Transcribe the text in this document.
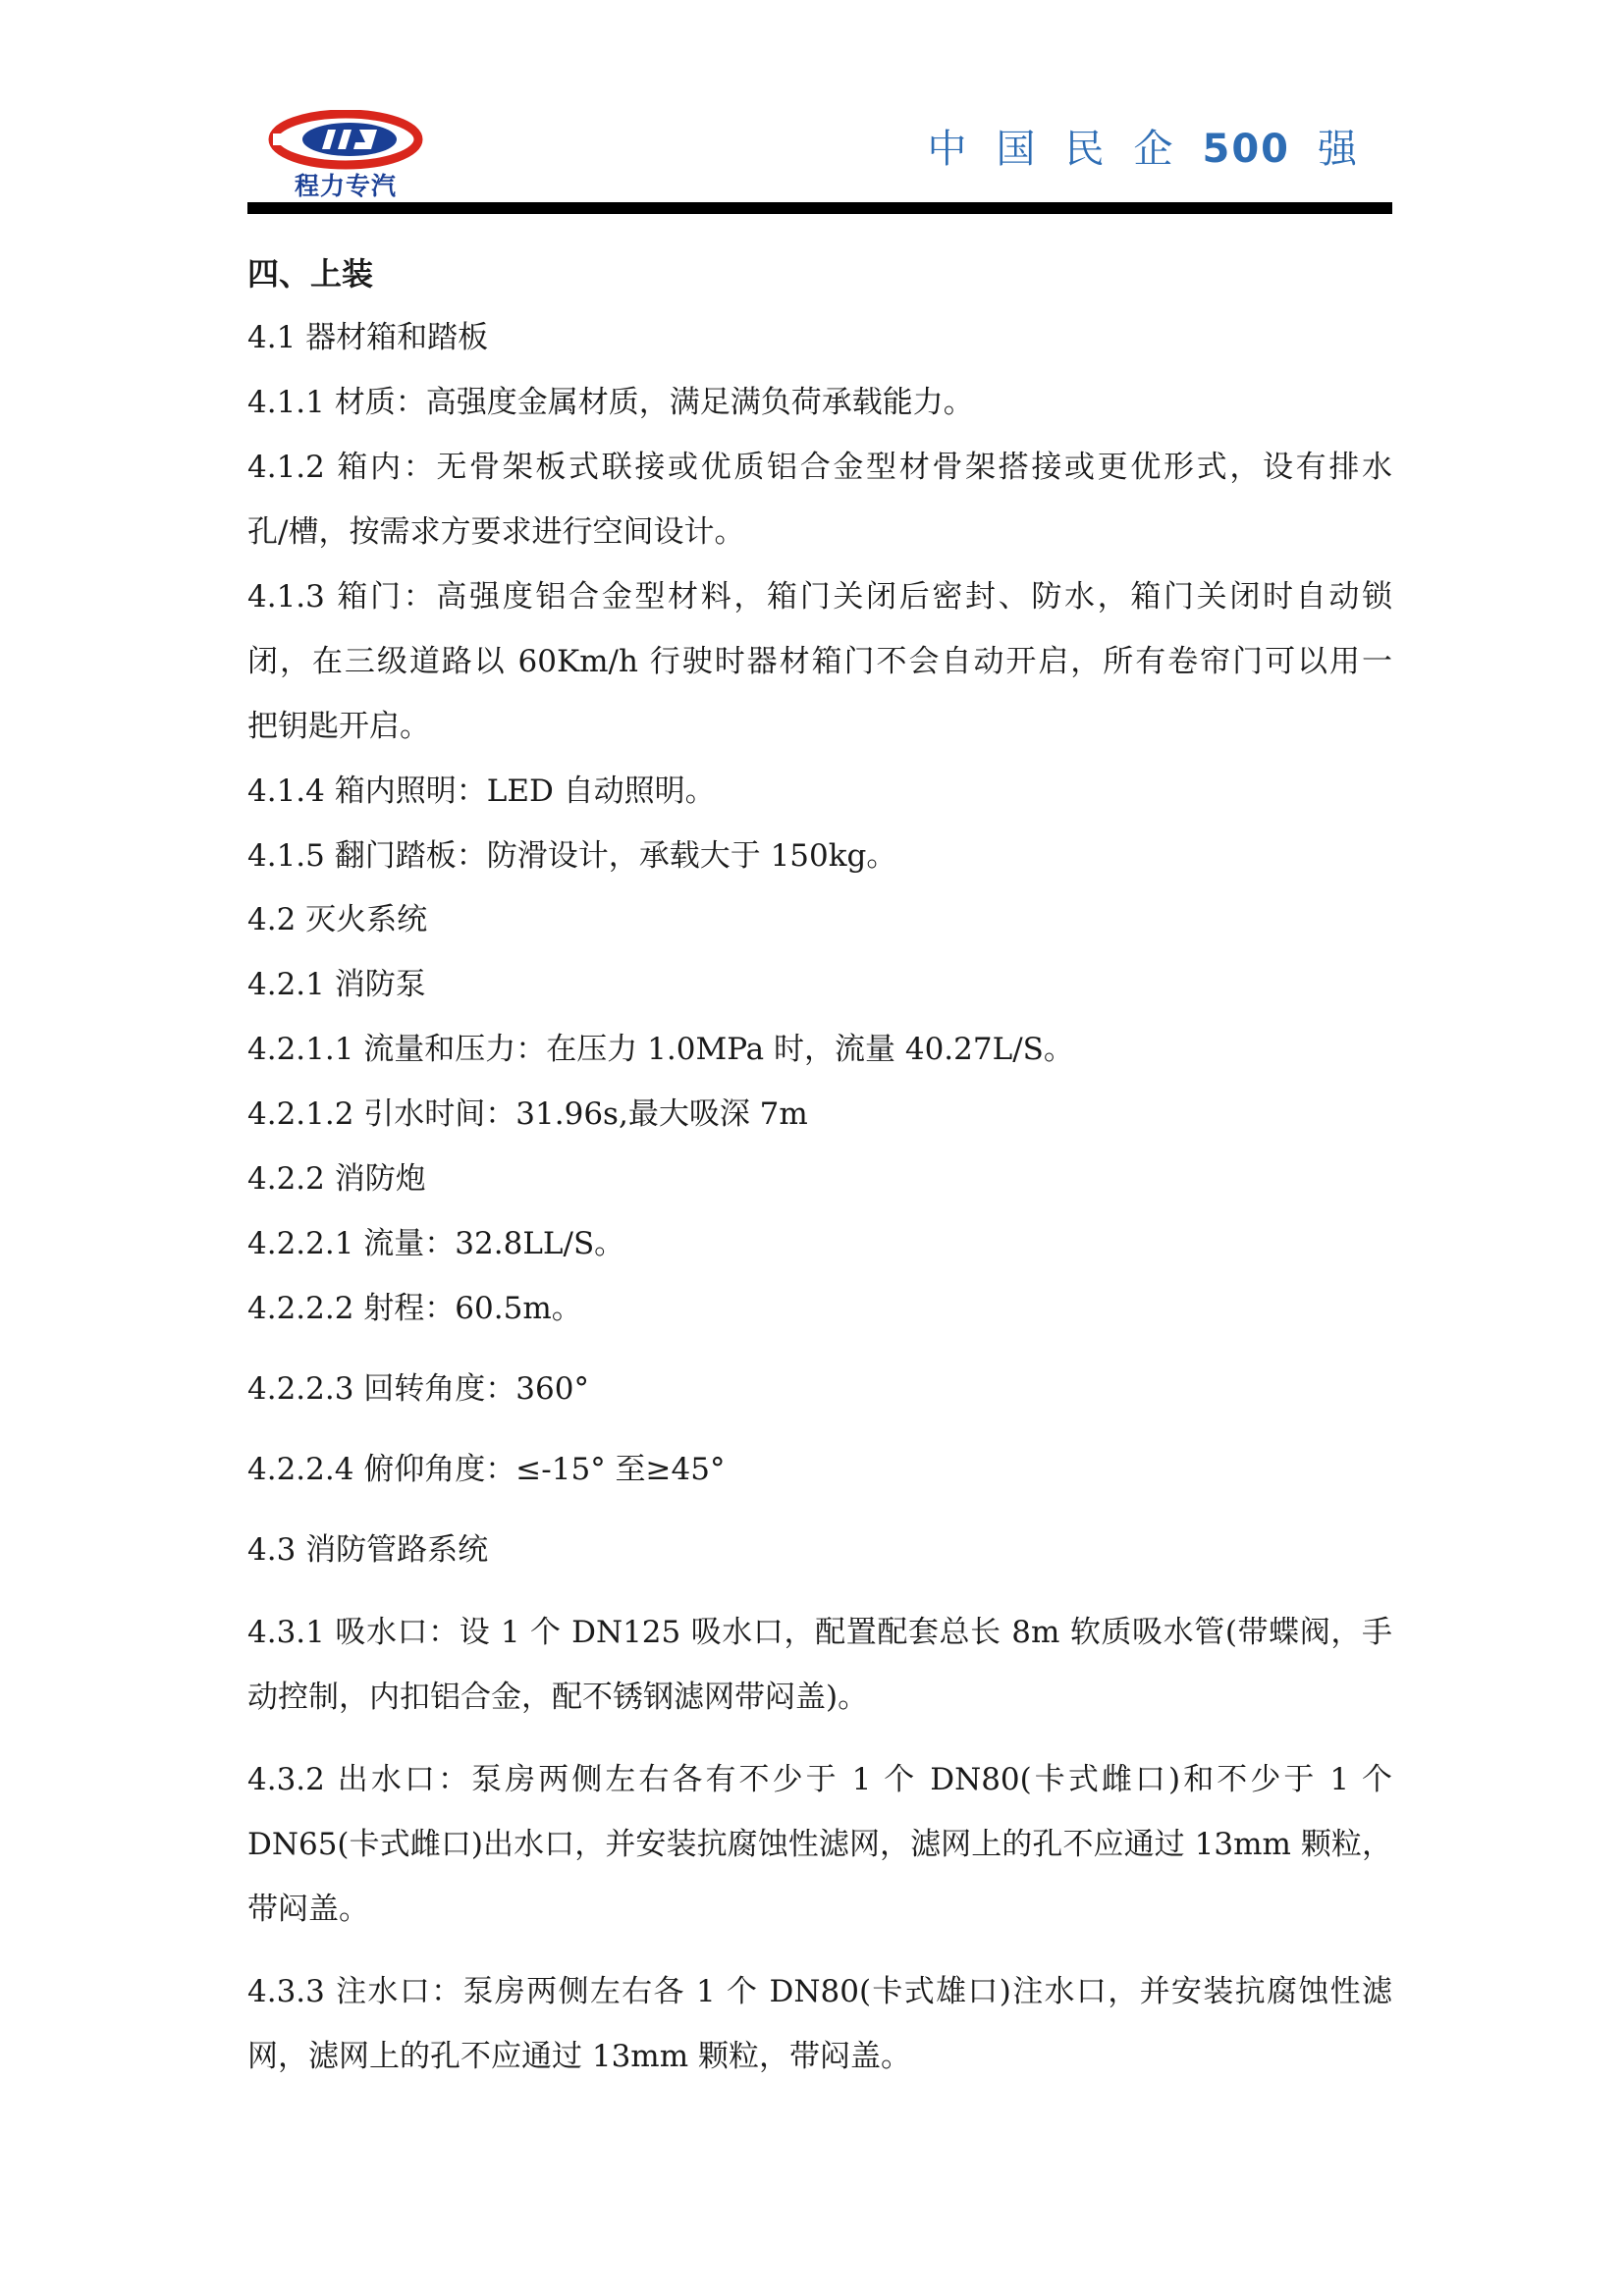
程力专汽
中国民企500 强
四、上装
4.1 器材箱和踏板
4.1.1 材质：高强度金属材质，满足满负荷承载能力。
4.1.2 箱内：无骨架板式联接或优质铝合金型材骨架搭接或更优形式，设有排水
孔/槽，按需求方要求进行空间设计。
4.1.3 箱门：高强度铝合金型材料，箱门关闭后密封、防水，箱门关闭时自动锁
闭，在三级道路以 60Km/h 行驶时器材箱门不会自动开启，所有卷帘门可以用一
把钥匙开启。
4.1.4 箱内照明：LED 自动照明。
4.1.5 翻门踏板：防滑设计，承载大于 150kg。
4.2 灭火系统
4.2.1 消防泵
4.2.1.1 流量和压力：在压力 1.0MPa 时，流量 40.27L/S。
4.2.1.2 引水时间：31.96s,最大吸深 7m
4.2.2 消防炮
4.2.2.1 流量：32.8LL/S。
4.2.2.2 射程：60.5m。
4.2.2.3 回转角度：360°
4.2.2.4 俯仰角度：≤-15° 至≥45°
4.3 消防管路系统
4.3.1 吸水口：设 1 个 DN125 吸水口，配置配套总长 8m 软质吸水管(带蝶阀，手
动控制，内扣铝合金，配不锈钢滤网带闷盖)。
4.3.2 出水口：泵房两侧左右各有不少于 1 个 DN80(卡式雌口)和不少于 1 个
DN65(卡式雌口)出水口，并安装抗腐蚀性滤网，滤网上的孔不应通过 13mm 颗粒，
带闷盖。
4.3.3 注水口：泵房两侧左右各 1 个 DN80(卡式雄口)注水口，并安装抗腐蚀性滤
网，滤网上的孔不应通过 13mm 颗粒，带闷盖。
